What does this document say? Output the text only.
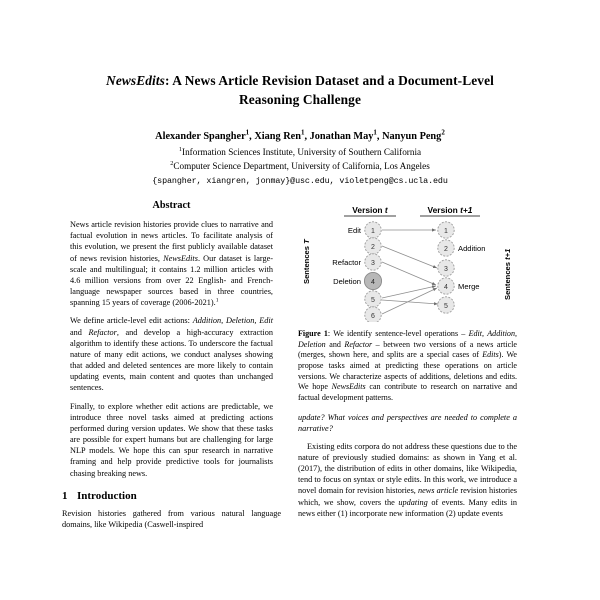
NewsEdits: A News Article Revision Dataset and a Document-Level
Reasoning Challenge
Alexander Spangher$^1$, Xiang Ren$^1$, Jonathan May$^1$, Nanyun Peng$^2$
$^1$Information Sciences Institute, University of Southern California
$^2$Computer Science Department, University of California, Los Angeles
{spangher, xiangren, jonmay}@usc.edu, violetpeng@cs.ucla.edu
Abstract

News article revision histories provide clues to narrative and factual evolution in news articles. To facilitate analysis of this evolution, we present the first publicly available dataset of news revision histories, NewsEdits. Our dataset is large-scale and multilingual; it contains 1.2 million articles with 4.6 million versions from over 22 English- and French-language newspaper sources based in three countries, spanning 15 years of coverage (2006-2021).$^1$

We define article-level edit actions: Addition, Deletion, Edit and Refactor, and develop a high-accuracy extraction algorithm to identify these actions. To underscore the factual nature of many edit actions, we conduct analyses showing that added and deleted sentences are more likely to contain updating events, main content and quotes than unchanged sentences.

Finally, to explore whether edit actions are predictable, we introduce three novel tasks aimed at predicting actions performed during version updates. We show that these tasks are possible for expert humans but are challenging for large NLP models. We hope this can spur research in narrative framing and help provide predictive tools for journalists chasing breaking news.

1 Introduction

Revision histories gathered from various natural language domains, like Wikipedia (Caswell-inspired

Version t	Version t+1
Sentences T
Sentences t+1
1
2
3
4
5
6
1
2
3
4
5
Edit
Refactor
Deletion
Addition
Merge

Figure 1: We identify sentence-level operations – Edit, Addition, Deletion and Refactor – between two versions of a news article (merges, shown here, and splits are a special cases of Edits). We propose tasks aimed at predicting these operations on article versions. We characterize aspects of additions, deletions and edits. We hope NewsEdits can contribute to research on narrative and factual development patterns.

update? What voices and perspectives are needed to complete a narrative?

Existing edits corpora do not address these questions due to the nature of previously studied domains: as shown in Yang et al. (2017), the distribution of edits in other domains, like Wikipedia, tend to focus on syntax or style edits. In this work, we introduce a novel domain for revision histories, news article revision histories which, we show, covers the updating of events. Many edits in news either (1) incorporate new information (2) update events
